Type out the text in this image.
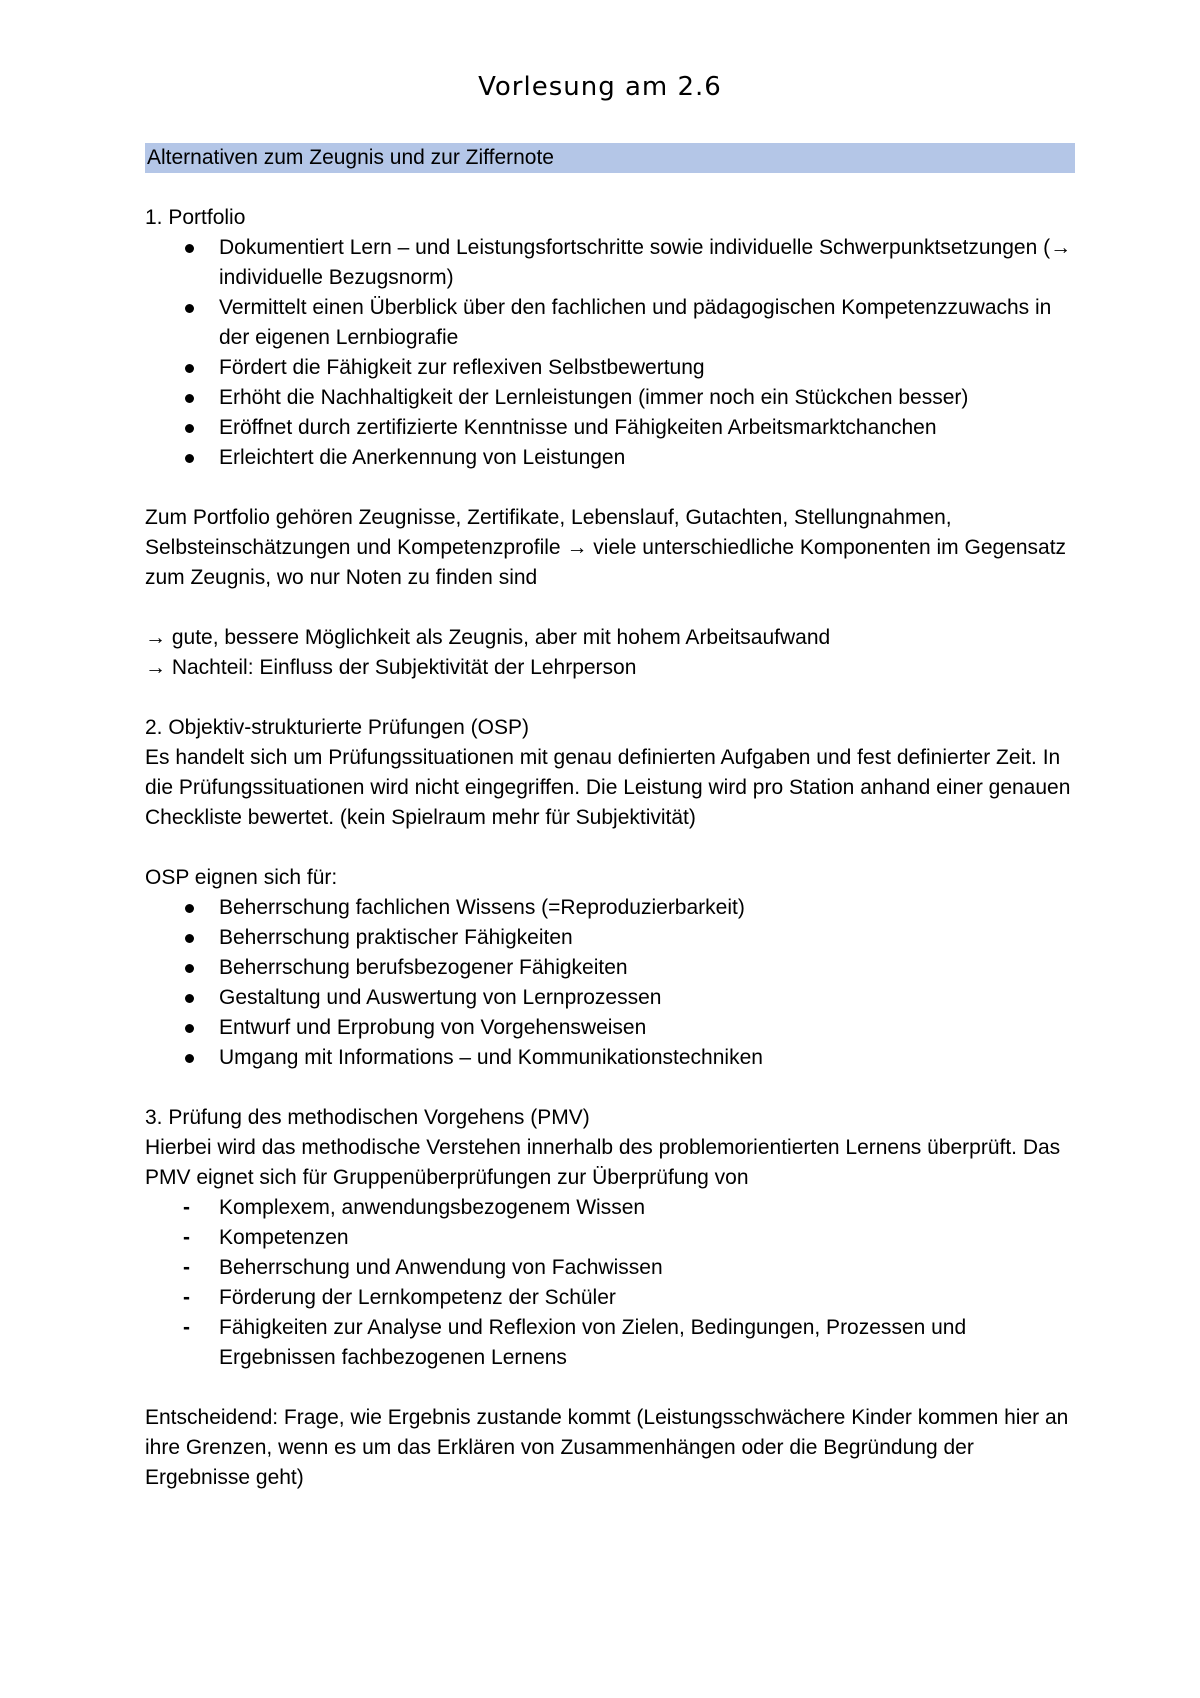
Vorlesung am 2.6
Alternativen zum Zeugnis und zur Ziffernote

1. Portfolio

Dokumentiert Lern – und Leistungsfortschritte sowie individuelle Schwerpunktsetzungen (→ individuelle Bezugsnorm)
Vermittelt einen Überblick über den fachlichen und pädagogischen Kompetenzzuwachs in der eigenen Lernbiografie
Fördert die Fähigkeit zur reflexiven Selbstbewertung
Erhöht die Nachhaltigkeit der Lernleistungen (immer noch ein Stückchen besser)
Eröffnet durch zertifizierte Kenntnisse und Fähigkeiten Arbeitsmarktchanchen
Erleichtert die Anerkennung von Leistungen

Zum Portfolio gehören Zeugnisse, Zertifikate, Lebenslauf, Gutachten, Stellungnahmen, Selbsteinschätzungen und Kompetenzprofile → viele unterschiedliche Komponenten im Gegensatz zum Zeugnis, wo nur Noten zu finden sind

→ gute, bessere Möglichkeit als Zeugnis, aber mit hohem Arbeitsaufwand

→ Nachteil: Einfluss der Subjektivität der Lehrperson

2. Objektiv-strukturierte Prüfungen (OSP)

Es handelt sich um Prüfungssituationen mit genau definierten Aufgaben und fest definierter Zeit. In die Prüfungssituationen wird nicht eingegriffen. Die Leistung wird pro Station anhand einer genauen Checkliste bewertet. (kein Spielraum mehr für Subjektivität)

OSP eignen sich für:

Beherrschung fachlichen Wissens (=Reproduzierbarkeit)
Beherrschung praktischer Fähigkeiten
Beherrschung berufsbezogener Fähigkeiten
Gestaltung und Auswertung von Lernprozessen
Entwurf und Erprobung von Vorgehensweisen
Umgang mit Informations – und Kommunikationstechniken

3. Prüfung des methodischen Vorgehens (PMV)

Hierbei wird das methodische Verstehen innerhalb des problemorientierten Lernens überprüft. Das PMV eignet sich für Gruppenüberprüfungen zur Überprüfung von

- Komplexem, anwendungsbezogenem Wissen
- Kompetenzen
- Beherrschung und Anwendung von Fachwissen
- Förderung der Lernkompetenz der Schüler
- Fähigkeiten zur Analyse und Reflexion von Zielen, Bedingungen, Prozessen und Ergebnissen fachbezogenen Lernens

Entscheidend: Frage, wie Ergebnis zustande kommt (Leistungsschwächere Kinder kommen hier an ihre Grenzen, wenn es um das Erklären von Zusammenhängen oder die Begründung der Ergebnisse geht)
